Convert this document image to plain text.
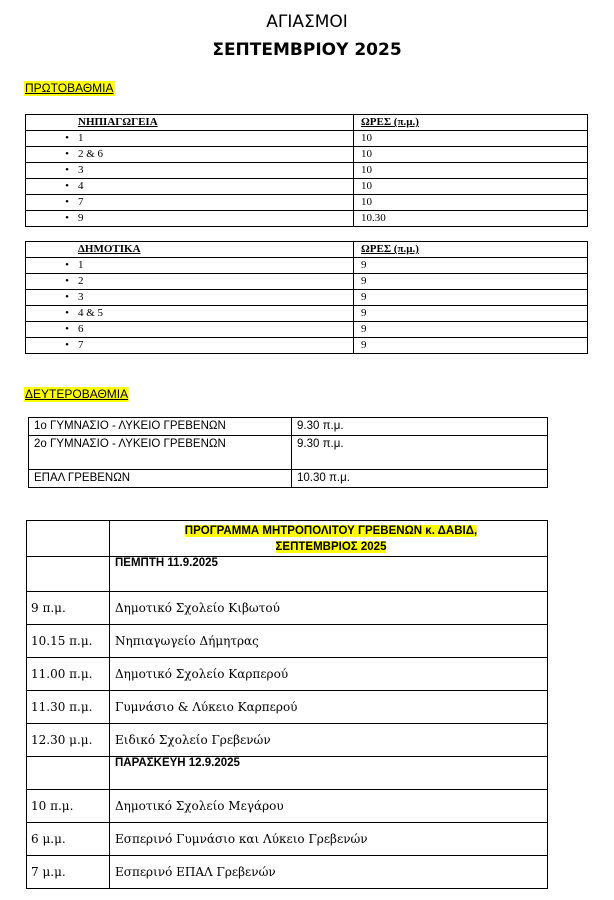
ΑΓΙΑΣΜΟΙ
ΣΕΠΤΕΜΒΡΙΟΥ 2025
ΠΡΩΤΟΒΑΘΜΙΑ
ΝΗΠΙΑΓΩΓΕΙΑ	ΩΡΕΣ (π.μ.)
• 1	10
• 2 & 6	10
• 3	10
• 4	10
• 7	10
• 9	10.30
ΔΗΜΟΤΙΚΑ	ΩΡΕΣ (π.μ.)
• 1	9
• 2	9
• 3	9
• 4 & 5	9
• 6	9
• 7	9
ΔΕΥΤΕΡΟΒΑΘΜΙΑ
1ο ΓΥΜΝΑΣΙΟ - ΛΥΚΕΙΟ ΓΡΕΒΕΝΩΝ	9.30 π.μ.
2ο ΓΥΜΝΑΣΙΟ - ΛΥΚΕΙΟ ΓΡΕΒΕΝΩΝ	9.30 π.μ.
ΕΠΑΛ ΓΡΕΒΕΝΩΝ	10.30 π.μ.
	ΠΡΟΓΡΑΜΜΑ ΜΗΤΡΟΠΟΛΙΤΟΥ ΓΡΕΒΕΝΩΝ κ. ΔΑΒΙΔ,
ΣΕΠΤΕΜΒΡΙΟΣ 2025
	ΠΕΜΠΤΗ 11.9.2025
9 π.μ.	Δημοτικό Σχολείο Κιβωτού
10.15 π.μ.	Νηπιαγωγείο Δήμητρας
11.00 π.μ.	Δημοτικό Σχολείο Καρπερού
11.30 π.μ.	Γυμνάσιο & Λύκειο Καρπερού
12.30 μ.μ.	Ειδικό Σχολείο Γρεβενών
	ΠΑΡΑΣΚΕΥΗ 12.9.2025
10 π.μ.	Δημοτικό Σχολείο Μεγάρου
6 μ.μ.	Εσπερινό Γυμνάσιο και Λύκειο Γρεβενών
7 μ.μ.	Εσπερινό ΕΠΑΛ Γρεβενών
